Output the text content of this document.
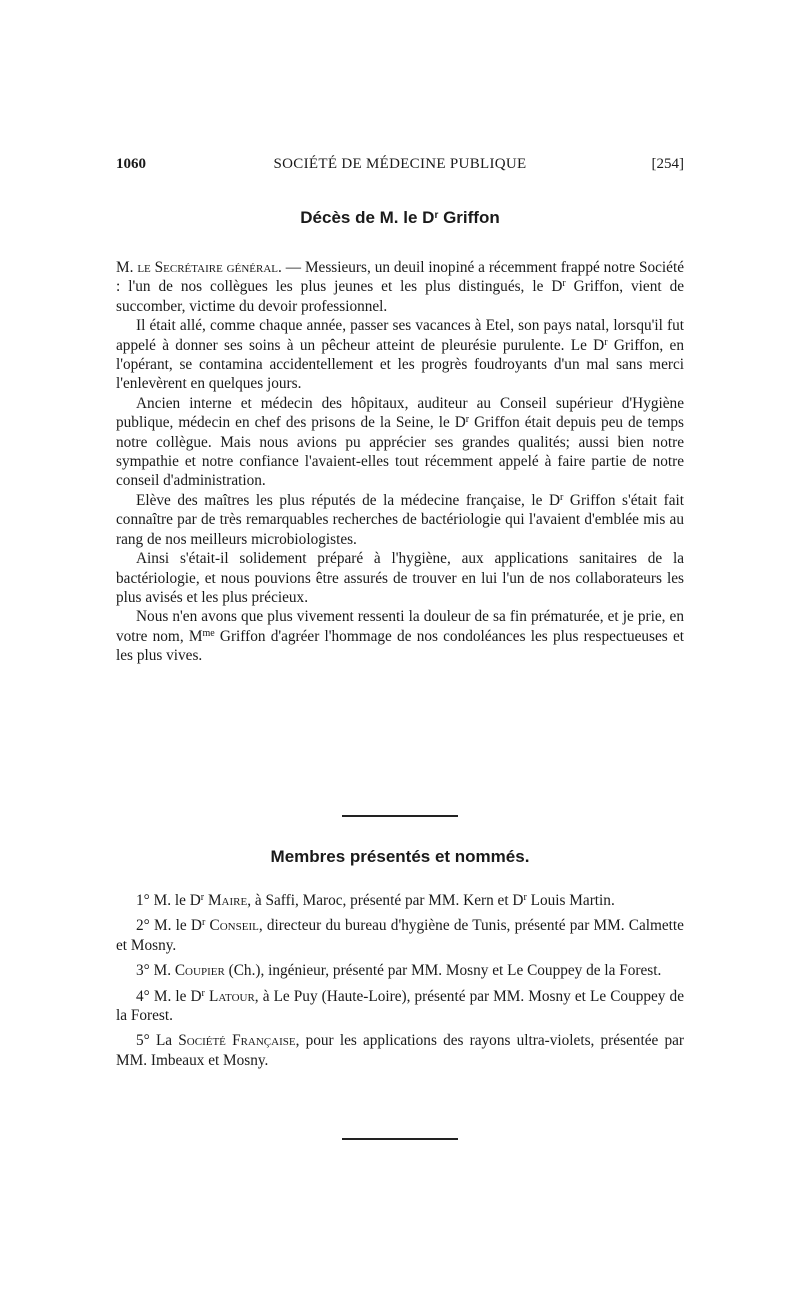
1060	SOCIÉTÉ DE MÉDECINE PUBLIQUE	[254]
Décès de M. le $D^r$ Griffon

M. le Secrétaire général. — Messieurs, un deuil inopiné a récemment frappé notre Société : l'un de nos collègues les plus jeunes et les plus distingués, le $D^r$ Griffon, vient de succomber, victime du devoir professionnel.

Il était allé, comme chaque année, passer ses vacances à Etel, son pays natal, lorsqu'il fut appelé à donner ses soins à un pêcheur atteint de pleurésie purulente. Le $D^r$ Griffon, en l'opérant, se contamina accidentellement et les progrès foudroyants d'un mal sans merci l'enlevèrent en quelques jours.

Ancien interne et médecin des hôpitaux, auditeur au Conseil supérieur d'Hygiène publique, médecin en chef des prisons de la Seine, le $D^r$ Griffon était depuis peu de temps notre collègue. Mais nous avions pu apprécier ses grandes qualités; aussi bien notre sympathie et notre confiance l'avaient-elles tout récemment appelé à faire partie de notre conseil d'administration.

Elève des maîtres les plus réputés de la médecine française, le $D^r$ Griffon s'était fait connaître par de très remarquables recherches de bactériologie qui l'avaient d'emblée mis au rang de nos meilleurs microbiologistes.

Ainsi s'était-il solidement préparé à l'hygiène, aux applications sanitaires de la bactériologie, et nous pouvions être assurés de trouver en lui l'un de nos collaborateurs les plus avisés et les plus précieux.

Nous n'en avons que plus vivement ressenti la douleur de sa fin prématurée, et je prie, en votre nom, $M^{me}$ Griffon d'agréer l'hommage de nos condoléances les plus respectueuses et les plus vives.

Membres présentés et nommés.

1° M. le $D^r$ Maire, à Saffi, Maroc, présenté par MM. Kern et $D^r$ Louis Martin.

2° M. le $D^r$ Conseil, directeur du bureau d'hygiène de Tunis, présenté par MM. Calmette et Mosny.

3° M. Coupier (Ch.), ingénieur, présenté par MM. Mosny et Le Couppey de la Forest.

4° M. le $D^r$ Latour, à Le Puy (Haute-Loire), présenté par MM. Mosny et Le Couppey de la Forest.

5° La Société Française, pour les applications des rayons ultra-violets, présentée par MM. Imbeaux et Mosny.
